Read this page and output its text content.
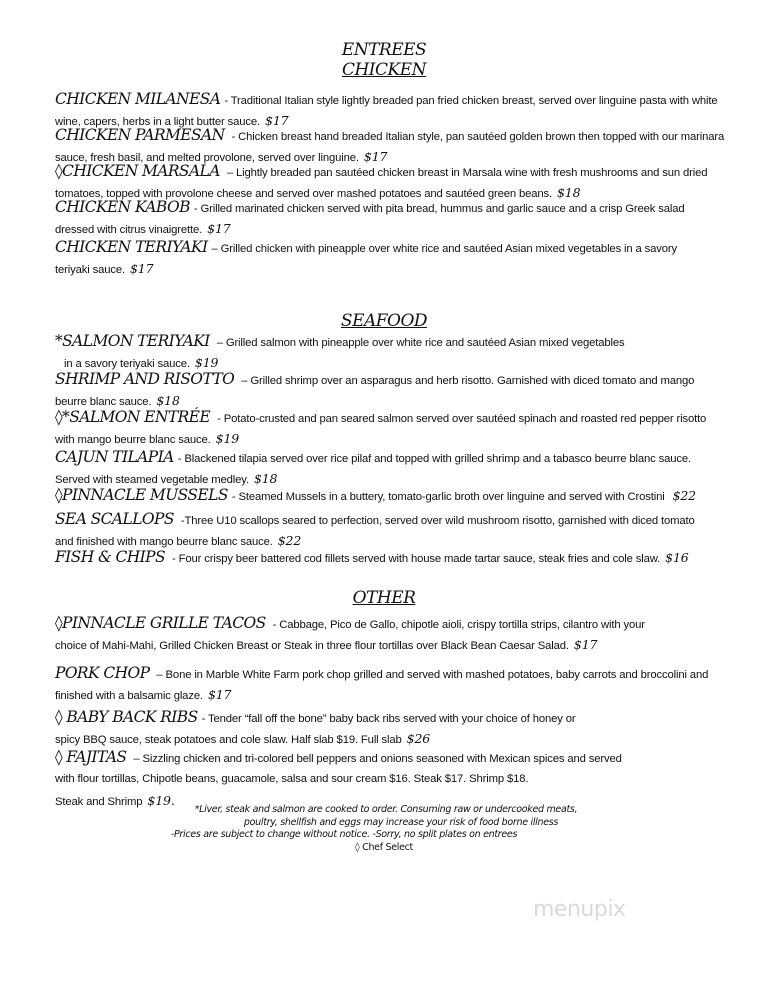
ENTREES
CHICKEN
CHICKEN MILANESA - Traditional Italian style lightly breaded pan fried chicken breast, served over linguine pasta with white
wine, capers, herbs in a light butter sauce. $17
CHICKEN PARMESAN - Chicken breast hand breaded Italian style, pan sautéed golden brown then topped with our marinara
sauce, fresh basil, and melted provolone, served over linguine. $17
◊CHICKEN MARSALA – Lightly breaded pan sautéed chicken breast in Marsala wine with fresh mushrooms and sun dried
tomatoes, topped with provolone cheese and served over mashed potatoes and sautéed green beans. $18
CHICKEN KABOB - Grilled marinated chicken served with pita bread, hummus and garlic sauce and a crisp Greek salad
dressed with citrus vinaigrette. $17
CHICKEN TERIYAKI – Grilled chicken with pineapple over white rice and sautéed Asian mixed vegetables in a savory
teriyaki sauce. $17
SEAFOOD
*SALMON TERIYAKI – Grilled salmon with pineapple over white rice and sautéed Asian mixed vegetables
in a savory teriyaki sauce. $19
SHRIMP AND RISOTTO – Grilled shrimp over an asparagus and herb risotto. Garnished with diced tomato and mango
beurre blanc sauce. $18
◊*SALMON ENTRÉE - Potato-crusted and pan seared salmon served over sautéed spinach and roasted red pepper risotto
with mango beurre blanc sauce. $19
CAJUN TILAPIA - Blackened tilapia served over rice pilaf and topped with grilled shrimp and a tabasco beurre blanc sauce.
Served with steamed vegetable medley. $18
◊PINNACLE MUSSELS - Steamed Mussels in a buttery, tomato-garlic broth over linguine and served with Crostini $22
SEA SCALLOPS -Three U10 scallops seared to perfection, served over wild mushroom risotto, garnished with diced tomato
and finished with mango beurre blanc sauce. $22
FISH & CHIPS - Four crispy beer battered cod fillets served with house made tartar sauce, steak fries and cole slaw. $16
OTHER
◊PINNACLE GRILLE TACOS - Cabbage, Pico de Gallo, chipotle aioli, crispy tortilla strips, cilantro with your
choice of Mahi-Mahi, Grilled Chicken Breast or Steak in three flour tortillas over Black Bean Caesar Salad. $17
PORK CHOP – Bone in Marble White Farm pork chop grilled and served with mashed potatoes, baby carrots and broccolini and
finished with a balsamic glaze. $17
◊ BABY BACK RIBS - Tender “fall off the bone” baby back ribs served with your choice of honey or
spicy BBQ sauce, steak potatoes and cole slaw. Half slab $19. Full slab $26
◊ FAJITAS – Sizzling chicken and tri-colored bell peppers and onions seasoned with Mexican spices and served
with flour tortillas, Chipotle beans, guacamole, salsa and sour cream $16. Steak $17. Shrimp $18.
Steak and Shrimp $19.
*Liver, steak and salmon are cooked to order. Consuming raw or undercooked meats,
poultry, shellfish and eggs may increase your risk of food borne illness
-Prices are subject to change without notice. -Sorry, no split plates on entrees
◊ Chef Select
menupix
